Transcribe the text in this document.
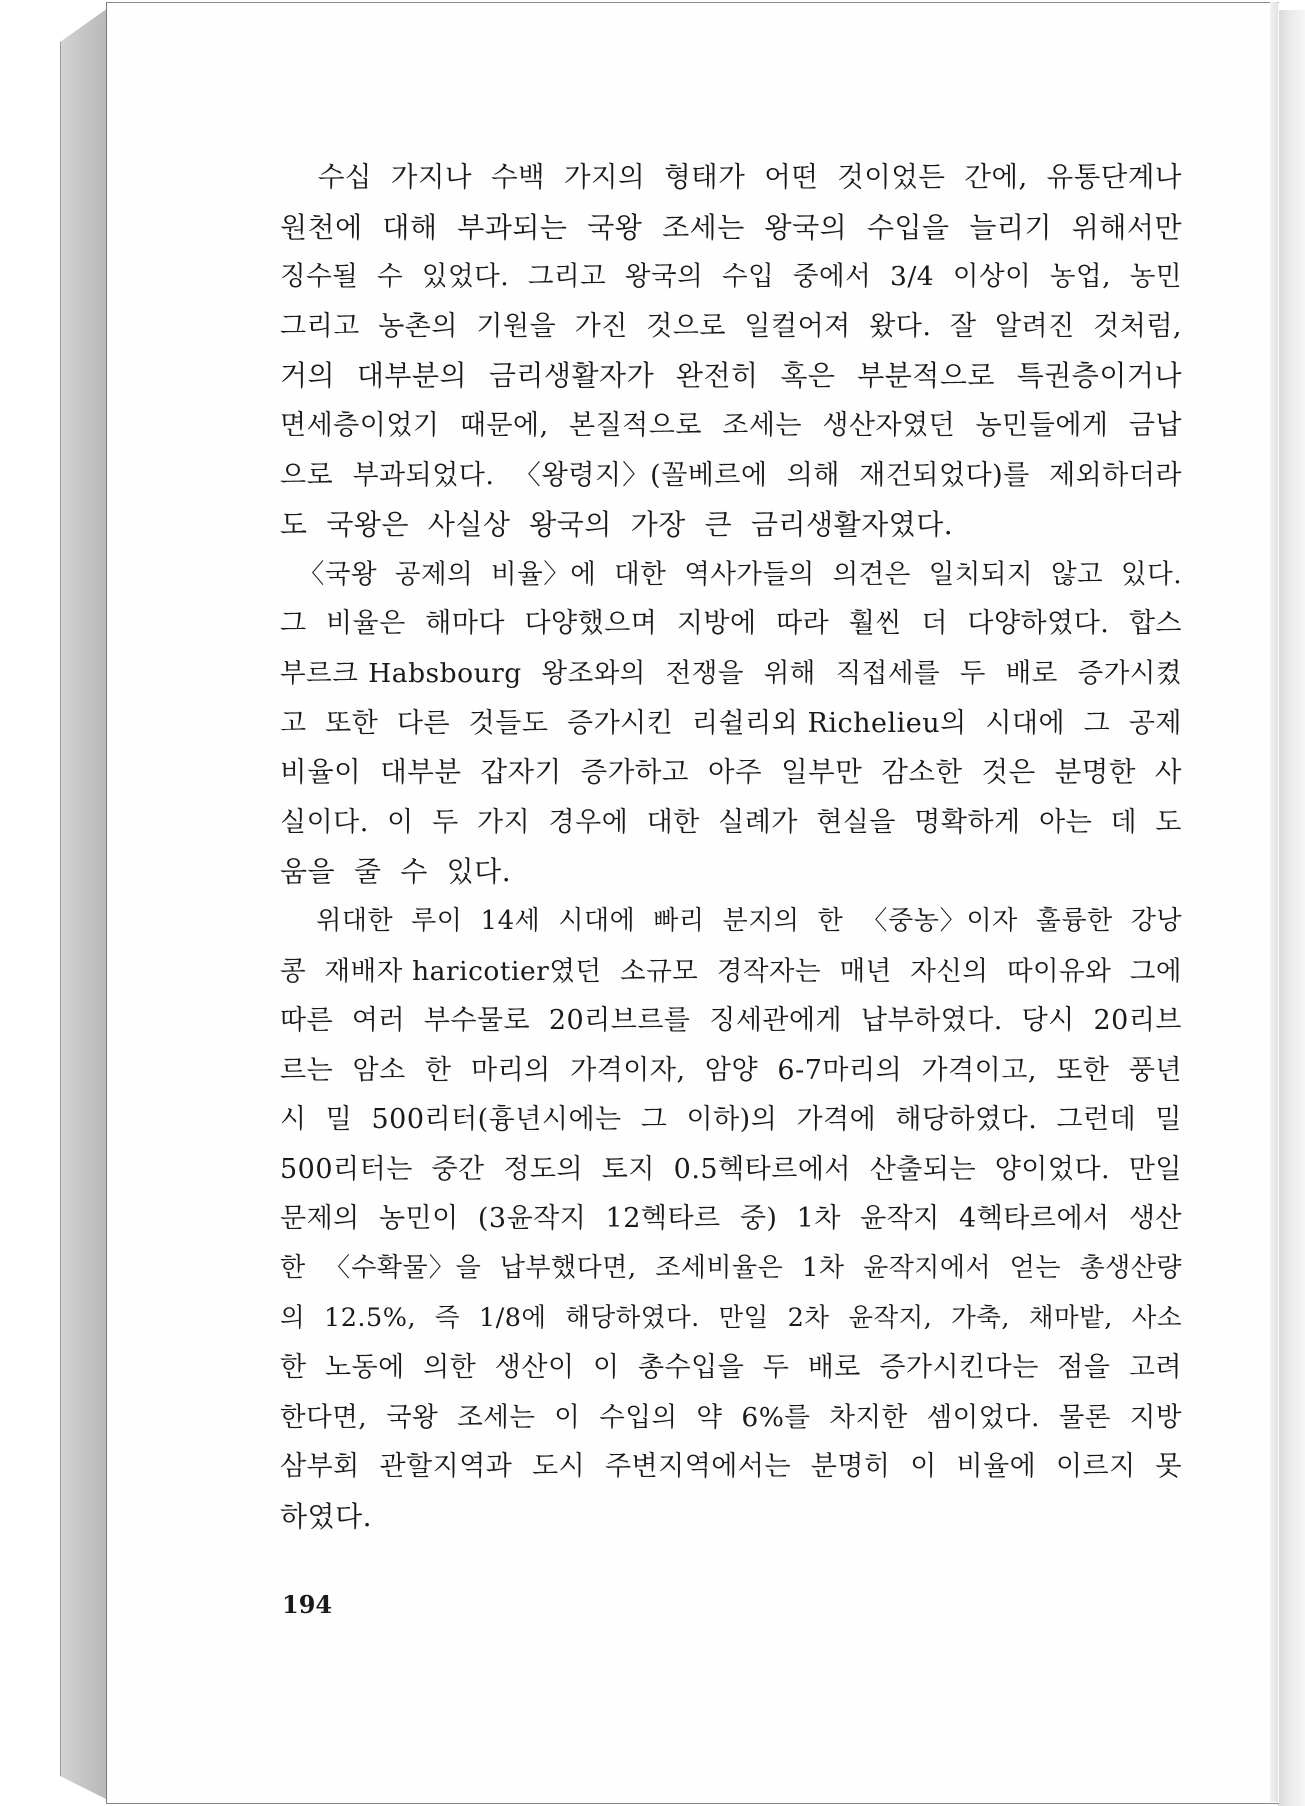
수십  가지나  수백  가지의  형태가  어떤  것이었든  간에,  유통단계나
원천에  대해  부과되는  국왕  조세는  왕국의  수입을  늘리기  위해서만
징수될  수  있었다.  그리고  왕국의  수입  중에서  3/4  이상이  농업,  농민
그리고  농촌의  기원을  가진  것으로  일컬어져  왔다.  잘  알려진  것처럼,
거의  대부분의  금리생활자가  완전히  혹은  부분적으로  특권층이거나
면세층이었기  때문에,  본질적으로  조세는  생산자였던  농민들에게  금납
으로  부과되었다.  〈왕령지〉(꼴베르에  의해  재건되었다)를  제외하더라
도  국왕은  사실상  왕국의  가장  큰  금리생활자였다.
〈국왕  공제의  비율〉에  대한  역사가들의  의견은  일치되지  않고  있다.
그  비율은  해마다  다양했으며  지방에  따라  훨씬  더  다양하였다.  합스
부르크 Habsbourg  왕조와의  전쟁을  위해  직접세를  두  배로  증가시켰
고  또한  다른  것들도  증가시킨  리쉴리외 Richelieu의  시대에  그  공제
비율이  대부분  갑자기  증가하고  아주  일부만  감소한  것은  분명한  사
실이다.  이  두  가지  경우에  대한  실례가  현실을  명확하게  아는  데  도
움을  줄  수  있다.
위대한  루이  14세  시대에  빠리  분지의  한  〈중농〉이자  훌륭한  강낭
콩  재배자 haricotier였던  소규모  경작자는  매년  자신의  따이유와  그에
따른  여러  부수물로  20리브르를  징세관에게  납부하였다.  당시  20리브
르는  암소  한  마리의  가격이자,  암양  6-7마리의  가격이고,  또한  풍년
시  밀  500리터(흉년시에는  그  이하)의  가격에  해당하였다.  그런데  밀
500리터는  중간  정도의  토지  0.5헥타르에서  산출되는  양이었다.  만일
문제의  농민이  (3윤작지  12헥타르  중)  1차  윤작지  4헥타르에서  생산
한  〈수확물〉을  납부했다면,  조세비율은  1차  윤작지에서  얻는  총생산량
의  12.5%,  즉  1/8에  해당하였다.  만일  2차  윤작지,  가축,  채마밭,  사소
한  노동에  의한  생산이  이  총수입을  두  배로  증가시킨다는  점을  고려
한다면,  국왕  조세는  이  수입의  약  6%를  차지한  셈이었다.  물론  지방
삼부회  관할지역과  도시  주변지역에서는  분명히  이  비율에  이르지  못
하였다.
194
